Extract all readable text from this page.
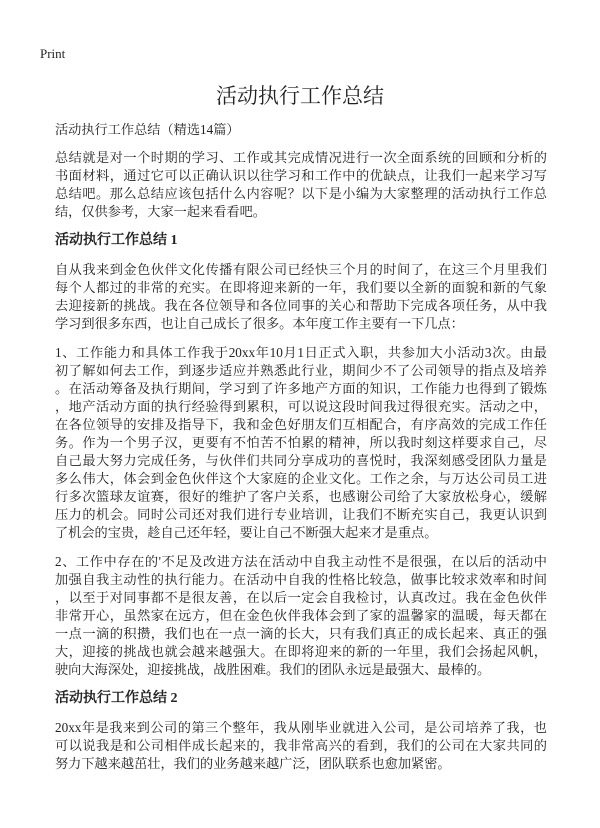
Print
活动执行工作总结
活动执行工作总结（精选14篇）

总结就是对一个时期的学习、工作或其完成情况进行一次全面系统的回顾和分析的
书面材料，通过它可以正确认识以往学习和工作中的优缺点，让我们一起来学习写
总结吧。那么总结应该包括什么内容呢？以下是小编为大家整理的活动执行工作总
结，仅供参考，大家一起来看看吧。

活动执行工作总结 1

自从我来到金色伙伴文化传播有限公司已经快三个月的时间了，在这三个月里我们
每个人都过的非常的充实。在即将迎来新的一年，我们要以全新的面貌和新的气象
去迎接新的挑战。我在各位领导和各位同事的关心和帮助下完成各项任务，从中我
学习到很多东西，也让自己成长了很多。本年度工作主要有一下几点：

1、工作能力和具体工作我于20xx年10月1日正式入职，共参加大小活动3次。由最
初了解如何去工作，到逐步适应并熟悉此行业，期间少不了公司领导的指点及培养
。在活动筹备及执行期间，学习到了许多地产方面的知识，工作能力也得到了锻炼
，地产活动方面的执行经验得到累积，可以说这段时间我过得很充实。活动之中，
在各位领导的安排及指导下，我和金色好朋友们互相配合，有序高效的完成工作任
务。作为一个男子汉，更要有不怕苦不怕累的精神，所以我时刻这样要求自己，尽
自己最大努力完成任务，与伙伴们共同分享成功的喜悦时，我深刻感受团队力量是
多么伟大，体会到金色伙伴这个大家庭的企业文化。工作之余，与万达公司员工进
行多次篮球友谊赛，很好的维护了客户关系，也感谢公司给了大家放松身心，缓解
压力的机会。同时公司还对我们进行专业培训，让我们不断充实自己，我更认识到
了机会的宝贵，趁自己还年轻，要让自己不断强大起来才是重点。

2、工作中存在的'不足及改进方法在活动中自我主动性不是很强，在以后的活动中
加强自我主动性的执行能力。在活动中自我的性格比较急，做事比较求效率和时间
，以至于对同事都不是很友善，在以后一定会自我检讨，认真改过。我在金色伙伴
非常开心，虽然家在远方，但在金色伙伴我体会到了家的温馨家的温暖，每天都在
一点一滴的积攒，我们也在一点一滴的长大，只有我们真正的成长起来、真正的强
大，迎接的挑战也就会越来越强大。在即将迎来的新的一年里，我们会扬起风帆，
驶向大海深处，迎接挑战，战胜困难。我们的团队永远是最强大、最棒的。

活动执行工作总结 2

20xx年是我来到公司的第三个整年，我从刚毕业就进入公司，是公司培养了我，也
可以说我是和公司相伴成长起来的，我非常高兴的看到，我们的公司在大家共同的
努力下越来越茁壮，我们的业务越来越广泛，团队联系也愈加紧密。
